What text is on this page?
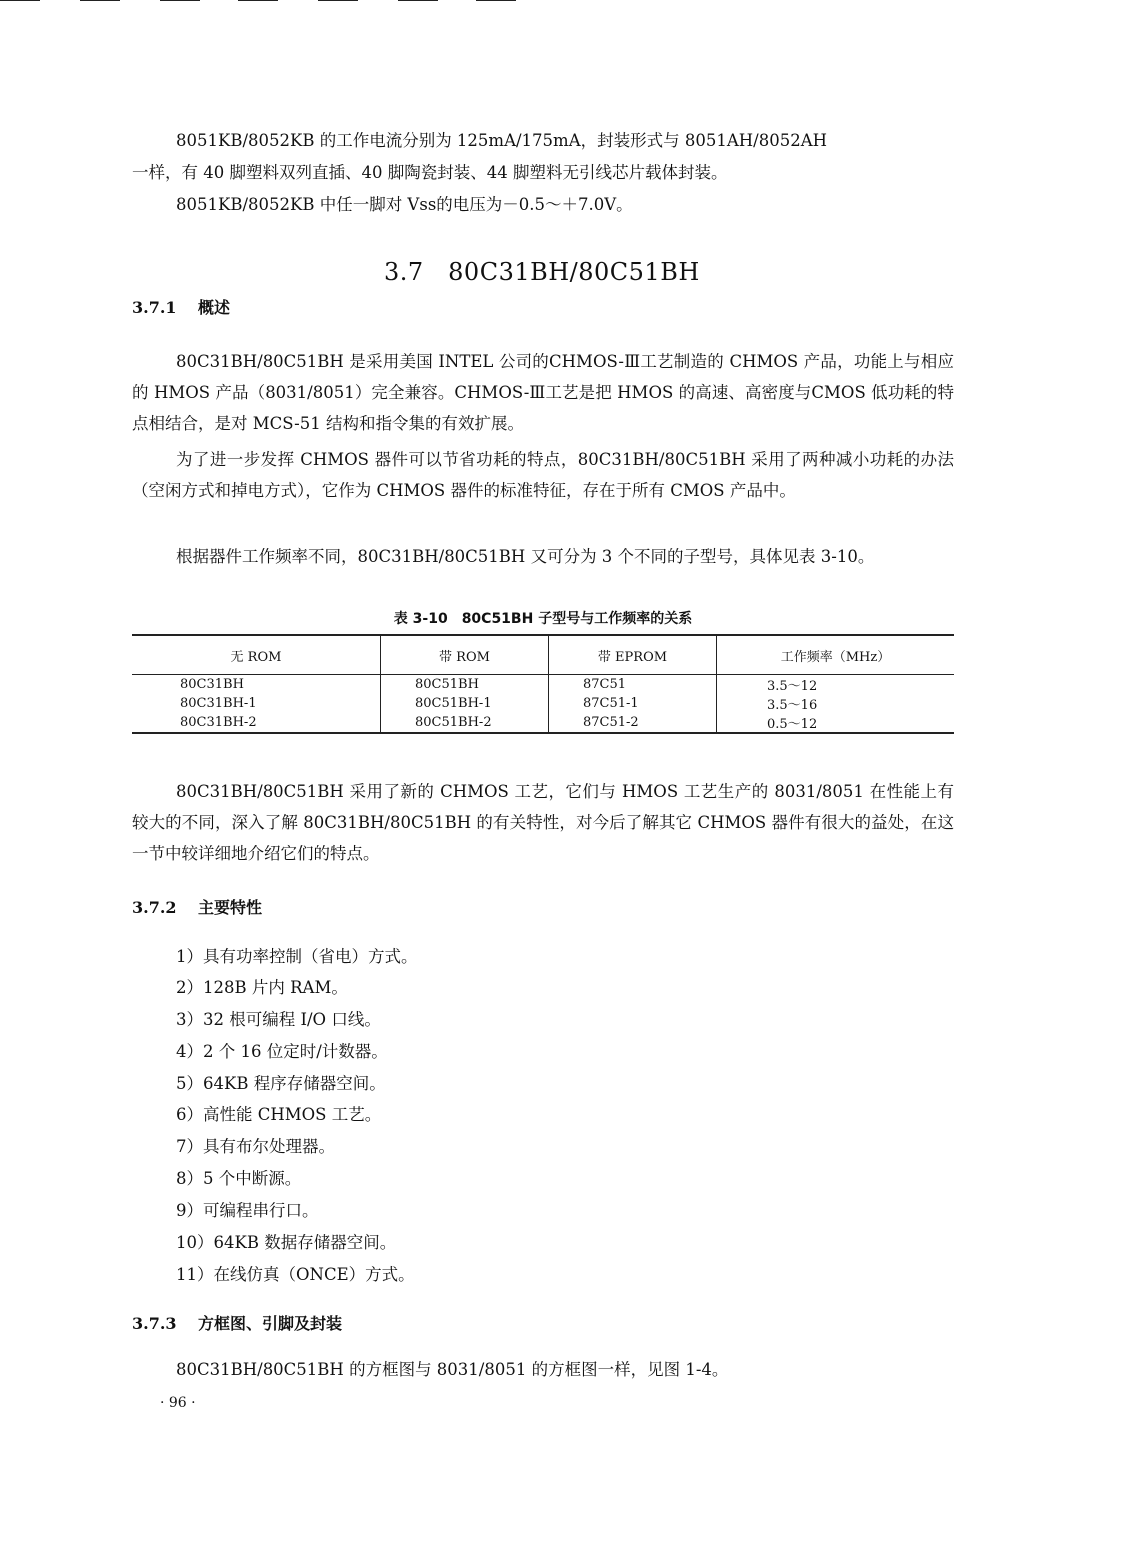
8051KB/8052KB 的工作电流分别为 125mA/175mA，封装形式与 8051AH/8052AH
一样，有 40 脚塑料双列直插、40 脚陶瓷封装、44 脚塑料无引线芯片载体封装。
8051KB/8052KB 中任一脚对 Vss的电压为－0.5～＋7.0V。
3.7　80C31BH/80C51BH
3.7.1 概述
80C31BH/80C51BH 是采用美国 INTEL 公司的CHMOS-Ⅲ工艺制造的 CHMOS 产品，功能上与相应的 HMOS 产品（8031/8051）完全兼容。CHMOS-Ⅲ工艺是把 HMOS 的高速、高密度与CMOS 低功耗的特点相结合，是对 MCS-51 结构和指令集的有效扩展。
为了进一步发挥 CHMOS 器件可以节省功耗的特点，80C31BH/80C51BH 采用了两种减小功耗的办法（空闲方式和掉电方式），它作为 CHMOS 器件的标准特征，存在于所有 CMOS 产品中。
根据器件工作频率不同，80C31BH/80C51BH 又可分为 3 个不同的子型号，具体见表 3-10。
表 3-10　80C51BH 子型号与工作频率的关系
无 ROM	带 ROM	带 EPROM	工作频率（MHz）
80C31BH	80C51BH	87C51	3.5～12
80C31BH-1	80C51BH-1	87C51-1	3.5～16
80C31BH-2	80C51BH-2	87C51-2	0.5～12
80C31BH/80C51BH 采用了新的 CHMOS 工艺，它们与 HMOS 工艺生产的 8031/8051 在性能上有较大的不同，深入了解 80C31BH/80C51BH 的有关特性，对今后了解其它 CHMOS 器件有很大的益处，在这一节中较详细地介绍它们的特点。
3.7.2 主要特性
1）具有功率控制（省电）方式。
2）128B 片内 RAM。
3）32 根可编程 I/O 口线。
4）2 个 16 位定时/计数器。
5）64KB 程序存储器空间。
6）高性能 CHMOS 工艺。
7）具有布尔处理器。
8）5 个中断源。
9）可编程串行口。
10）64KB 数据存储器空间。
11）在线仿真（ONCE）方式。
3.7.3 方框图、引脚及封装
80C31BH/80C51BH 的方框图与 8031/8051 的方框图一样，见图 1-4。
· 96 ·
